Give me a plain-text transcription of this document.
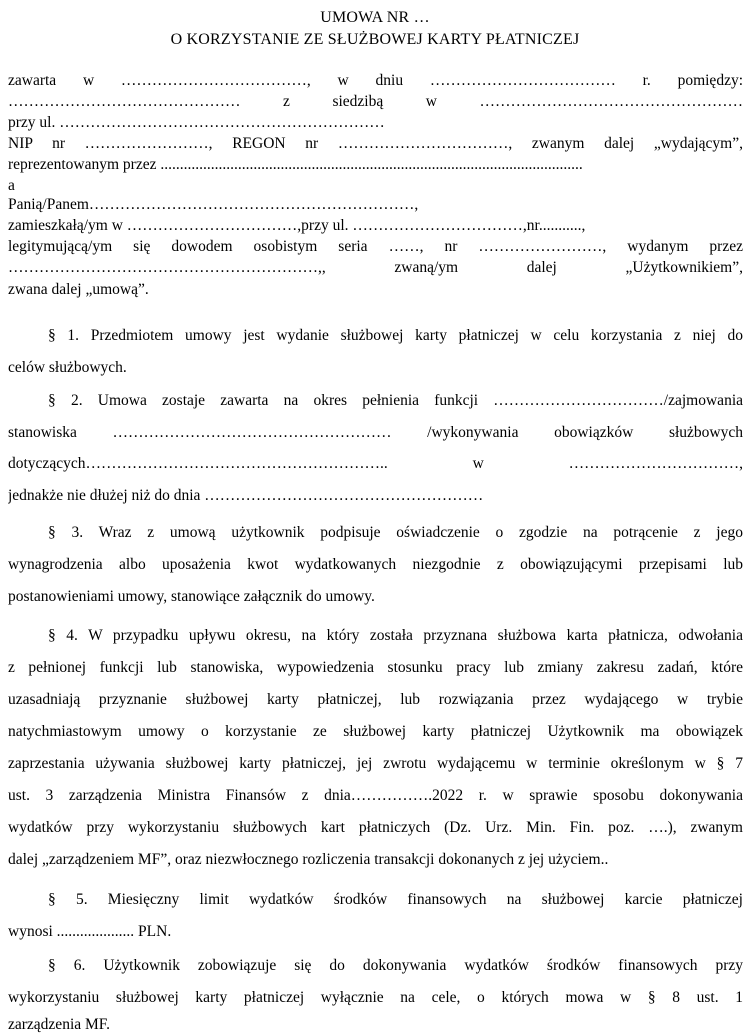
UMOWA NR …
O KORZYSTANIE ZE SŁUŻBOWEJ KARTY PŁATNICZEJ
zawarta w ………………………………, w dniu ……………………………… r. pomiędzy:
……………………………………… z siedzibą w ……………………………………………
przy ul. ………………………………………………………
NIP nr ……………………, REGON nr ……………………………, zwanym dalej „wydającym”,
reprezentowanym przez .............................................................................................................
a
Panią/Panem………………………………………………………,
zamieszkałą/ym w ……………………………,przy ul. ……………………………,nr...........,
legitymującą/ym się dowodem osobistym seria ……, nr ……………………, wydanym przez
……………………………………………………,, zwaną/ym dalej „Użytkownikiem”,
zwana dalej „umową”.
§ 1. Przedmiotem umowy jest wydanie służbowej karty płatniczej w celu korzystania z niej do
celów służbowych.
§ 2. Umowa zostaje zawarta na okres pełnienia funkcji ……………………………/zajmowania
stanowiska ……………………………………………… /wykonywania obowiązków służbowych
dotyczących………………………………………………….. w ……………………………,
jednakże nie dłużej niż do dnia ………………………………………………
§ 3. Wraz z umową użytkownik podpisuje oświadczenie o zgodzie na potrącenie z jego
wynagrodzenia albo uposażenia kwot wydatkowanych niezgodnie z obowiązującymi przepisami lub
postanowieniami umowy, stanowiące załącznik do umowy.
§ 4. W przypadku upływu okresu, na który została przyznana służbowa karta płatnicza, odwołania
z pełnionej funkcji lub stanowiska, wypowiedzenia stosunku pracy lub zmiany zakresu zadań, które
uzasadniają przyznanie służbowej karty płatniczej, lub rozwiązania przez wydającego w trybie
natychmiastowym umowy o korzystanie ze służbowej karty płatniczej Użytkownik ma obowiązek
zaprzestania używania służbowej karty płatniczej, jej zwrotu wydającemu w terminie określonym w § 7
ust. 3 zarządzenia Ministra Finansów z dnia…………….2022 r. w sprawie sposobu dokonywania
wydatków przy wykorzystaniu służbowych kart płatniczych (Dz. Urz. Min. Fin. poz. ….), zwanym
dalej „zarządzeniem MF”, oraz niezwłocznego rozliczenia transakcji dokonanych z jej użyciem..
§ 5. Miesięczny limit wydatków środków finansowych na służbowej karcie płatniczej
wynosi .................... PLN.
§ 6. Użytkownik zobowiązuje się do dokonywania wydatków środków finansowych przy
wykorzystaniu służbowej karty płatniczej wyłącznie na cele, o których mowa w § 8 ust. 1
zarządzenia MF.
